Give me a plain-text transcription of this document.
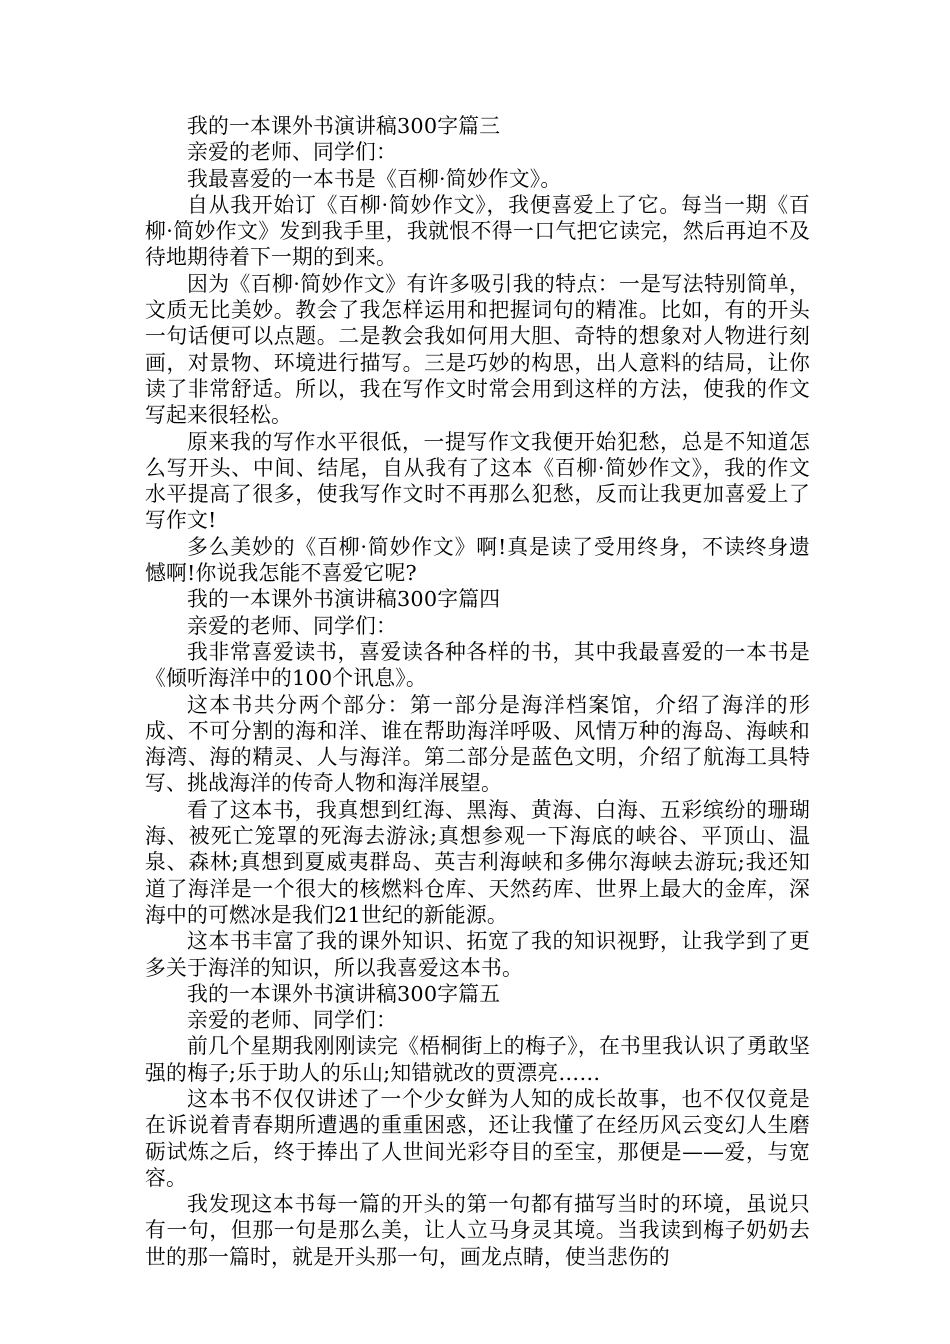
我的一本课外书演讲稿300字篇三

亲爱的老师、同学们：

我最喜爱的一本书是《百柳·简妙作文》。

自从我开始订《百柳·简妙作文》，我便喜爱上了它。每当一期《百柳·简妙作文》发到我手里，我就恨不得一口气把它读完，然后再迫不及待地期待着下一期的到来。

因为《百柳·简妙作文》有许多吸引我的特点：一是写法特别简单，文质无比美妙。教会了我怎样运用和把握词句的精准。比如，有的开头一句话便可以点题。二是教会我如何用大胆、奇特的想象对人物进行刻画，对景物、环境进行描写。三是巧妙的构思，出人意料的结局，让你读了非常舒适。所以，我在写作文时常会用到这样的方法，使我的作文写起来很轻松。

原来我的写作水平很低，一提写作文我便开始犯愁，总是不知道怎么写开头、中间、结尾，自从我有了这本《百柳·简妙作文》，我的作文水平提高了很多，使我写作文时不再那么犯愁，反而让我更加喜爱上了写作文!

多么美妙的《百柳·简妙作文》啊!真是读了受用终身，不读终身遗憾啊!你说我怎能不喜爱它呢?

我的一本课外书演讲稿300字篇四

亲爱的老师、同学们：

我非常喜爱读书，喜爱读各种各样的书，其中我最喜爱的一本书是《倾听海洋中的100个讯息》。

这本书共分两个部分：第一部分是海洋档案馆，介绍了海洋的形成、不可分割的海和洋、谁在帮助海洋呼吸、风情万种的海岛、海峡和海湾、海的精灵、人与海洋。第二部分是蓝色文明，介绍了航海工具特写、挑战海洋的传奇人物和海洋展望。

看了这本书，我真想到红海、黑海、黄海、白海、五彩缤纷的珊瑚海、被死亡笼罩的死海去游泳;真想参观一下海底的峡谷、平顶山、温泉、森林;真想到夏威夷群岛、英吉利海峡和多佛尔海峡去游玩;我还知道了海洋是一个很大的核燃料仓库、天然药库、世界上最大的金库，深海中的可燃冰是我们21世纪的新能源。

这本书丰富了我的课外知识、拓宽了我的知识视野，让我学到了更多关于海洋的知识，所以我喜爱这本书。

我的一本课外书演讲稿300字篇五

亲爱的老师、同学们：

前几个星期我刚刚读完《梧桐街上的梅子》，在书里我认识了勇敢坚强的梅子;乐于助人的乐山;知错就改的贾漂亮……

这本书不仅仅讲述了一个少女鲜为人知的成长故事，也不仅仅竟是在诉说着青春期所遭遇的重重困惑，还让我懂了在经历风云变幻人生磨砺试炼之后，终于捧出了人世间光彩夺目的至宝，那便是——爱，与宽容。

我发现这本书每一篇的开头的第一句都有描写当时的环境，虽说只有一句，但那一句是那么美，让人立马身灵其境。当我读到梅子奶奶去世的那一篇时，就是开头那一句，画龙点睛，使当悲伤的
